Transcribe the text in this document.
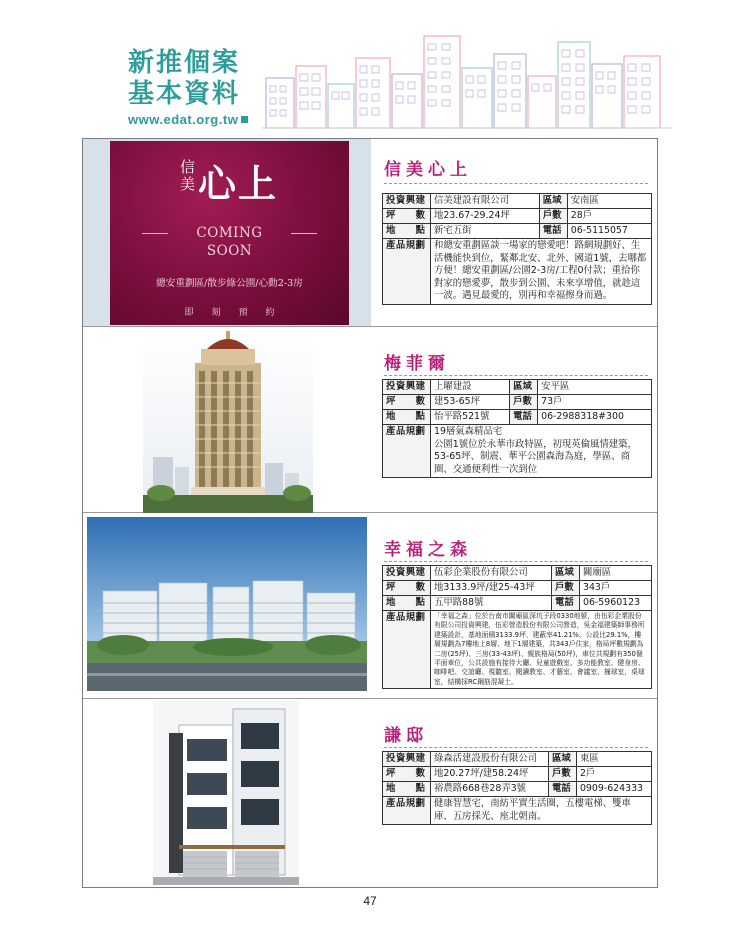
新推個案
基本資料
www.edat.org.tw
信美 心上
COMING
SOON
總安重劃區/散步綠公園/心動2-3房
即刻預約
信美心上
投資興建	信美建設有限公司	區域	安南區
坪　　數	地23.67-29.24坪	戶數	28戶
地　　點	新宅五街	電話	06-5115057
產品規劃	和總安重劃區談一場家的戀愛吧！路網規劃好、生活機能快到位，緊鄰北安、北外、國道1號，去哪都方便！總安重劃區/公園2-3房/工程0付款；重拾你對家的戀愛夢，散步到公園、未來享增值，就趁這一波。遇見最愛的，別再和幸福擦身而過。		
梅菲爾
投資興建	上曜建設	區域	安平區
坪　　數	建53-65坪	戶數	73戶
地　　點	怡平路521號	電話	06-2988318#300
產品規劃	19層氣森精品宅
公園1號位於永華市政特區，初現英倫風情建築，53-65坪、制震、華平公園森海為庭，學區、商圈、交通便利性一次到位		
幸福之森
投資興建	伍彩企業股份有限公司	區域	關廟區
坪　　數	地3133.9坪/建25-43坪	戶數	343戶
地　　點	五甲路88號	電話	06-5960123
產品規劃	「幸福之森」位於台南市關廟區深坑子段0330地號，由伍彩企業股份有限公司投資興建，伍彩營造股份有限公司營造，吳金福建築師事務所建築設計，基地面積3133.9坪、建蔽率41.21%、公設比29.1%，樓層規劃為7樓地上8層、地下1層建築，共343戶住家，格局坪數規劃為二房(25坪)、三房(33-43坪)、親族格局(50坪)，車位共規劃有350個平面車位，公共設施有接待大廳、兒童遊戲室、多功能教室、健身房、咖啡吧、交誼廳、視聽室、閱讀教室、才藝室、會議室、撞球室，桌球室，結構採RC鋼筋混凝土。		
謙邸
投資興建	綠森活建設股份有限公司	區域	東區
坪　　數	地20.27坪/建58.24坪	戶數	2戶
地　　點	裕農路668巷28弄3號	電話	0909-624333
產品規劃	健康智慧宅，南紡平實生活圈，五樓電梯、雙車庫、五房採光、座北朝南。		
47
